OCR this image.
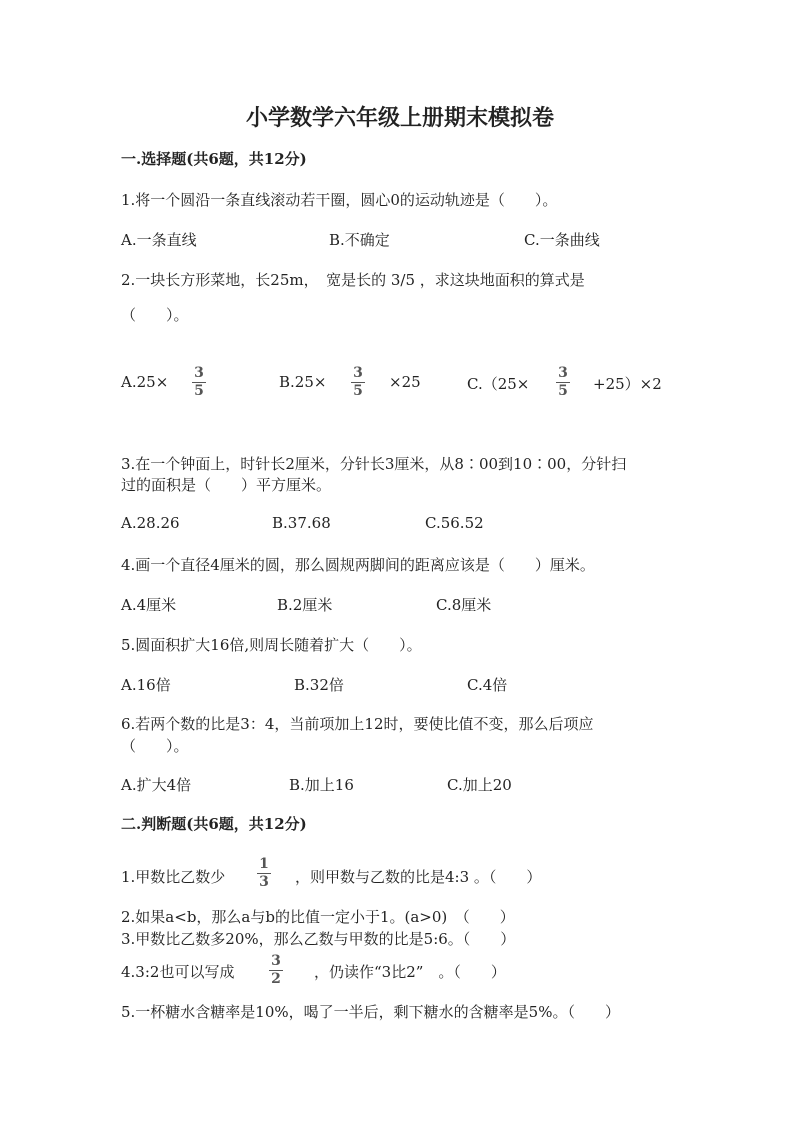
小学数学六年级上册期末模拟卷
一.选择题(共6题，共12分)
1.将一个圆沿一条直线滚动若干圈，圆心0的运动轨迹是（　　）。
A.一条直线	B.不确定	C.一条曲线
2.一块长方形菜地，长25m，　宽是长的 3/5 ，求这块地面积的算式是
（　　）。
A.25× 3
5	B.25× 3
5 ×25	C.（25×
3
5 +25）×2
3.在一个钟面上，时针长2厘米，分针长3厘米，从8∶00到10∶00，分针扫
过的面积是（　　）平方厘米。
A.28.26	B.37.68	C.56.52
4.画一个直径4厘米的圆，那么圆规两脚间的距离应该是（　　）厘米。
A.4厘米	B.2厘米	C.8厘米
5.圆面积扩大16倍,则周长随着扩大（　　）。
A.16倍	B.32倍	C.4倍
6.若两个数的比是3：4，当前项加上12时，要使比值不变，那么后项应
（　　）。
A.扩大4倍	B.加上16	C.加上20
二.判断题(共6题，共12分)
1.甲数比乙数少
1
3 ，则甲数与乙数的比是4:3 。（　　）
2.如果a<b，那么a与b的比值一定小于1。(a>0)　（　　）
3.甲数比乙数多20%，那么乙数与甲数的比是5:6。（　　）
4.3:2也可以写成
3
2 ，仍读作“3比2”　。（　　）
5.一杯糖水含糖率是10%，喝了一半后，剩下糖水的含糖率是5%。（　　）
